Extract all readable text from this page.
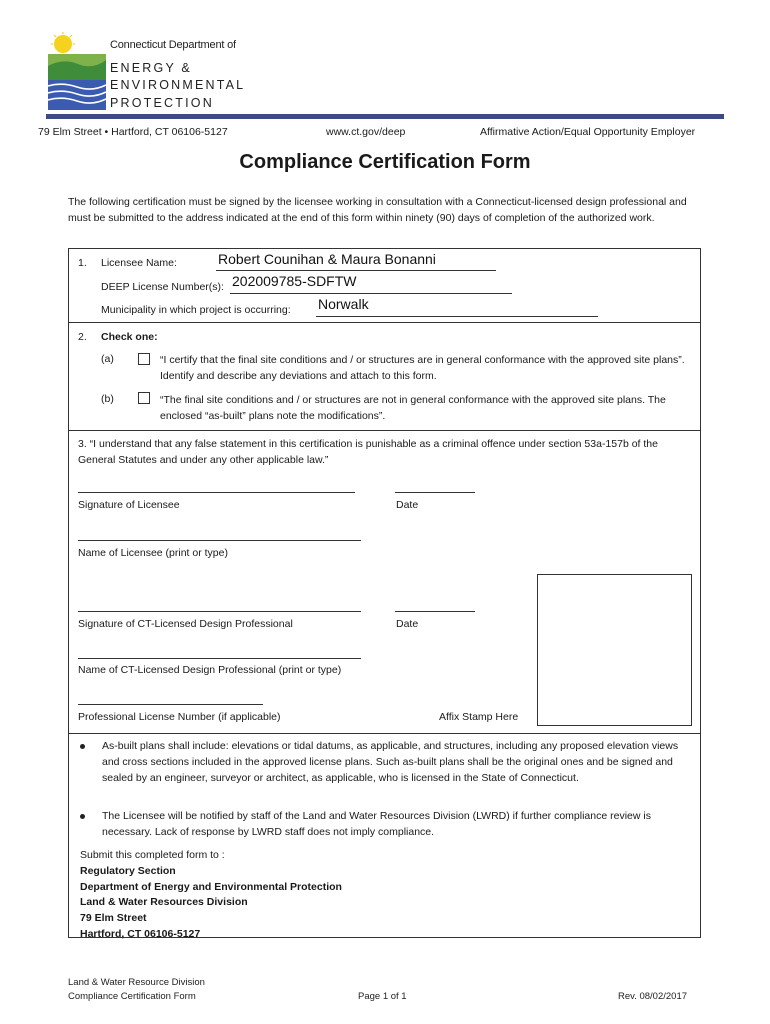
Connecticut Department of
ENERGY &
ENVIRONMENTAL
PROTECTION
79 Elm Street • Hartford, CT 06106-5127	www.ct.gov/deep	Affirmative Action/Equal Opportunity Employer
Compliance Certification Form
The following certification must be signed by the licensee working in consultation with a Connecticut-licensed design professional and must be submitted to the address indicated at the end of this form within ninety (90) days of completion of the authorized work.
1. Licensee Name:	Robert Counihan & Maura Bonanni
DEEP License Number(s): 202009785-SDFTW
Municipality in which project is occurring: Norwalk
2. Check one:
(a)	“I certify that the final site conditions and / or structures are in general conformance with the approved site plans”. Identify and describe any deviations and attach to this form.
(b)	“The final site conditions and / or structures are not in general conformance with the approved site plans. The enclosed “as-built” plans note the modifications”.
3. “I understand that any false statement in this certification is punishable as a criminal offence under section 53a-157b of the General Statutes and under any other applicable law.”
Signature of Licensee	Date
Name of Licensee (print or type)
Signature of CT-Licensed Design Professional	Date
Name of CT-Licensed Design Professional (print or type)
Professional License Number (if applicable)	Affix Stamp Here
As-built plans shall include: elevations or tidal datums, as applicable, and structures, including any proposed elevation views and cross sections included in the approved license plans. Such as-built plans shall be the original ones and be signed and sealed by an engineer, surveyor or architect, as applicable, who is licensed in the State of Connecticut.
The Licensee will be notified by staff of the Land and Water Resources Division (LWRD) if further compliance review is necessary. Lack of response by LWRD staff does not imply compliance.
Submit this completed form to :
Regulatory Section
Department of Energy and Environmental Protection
Land & Water Resources Division
79 Elm Street
Hartford, CT 06106-5127
Land & Water Resource Division
Compliance Certification Form	Page 1 of 1	Rev. 08/02/2017
